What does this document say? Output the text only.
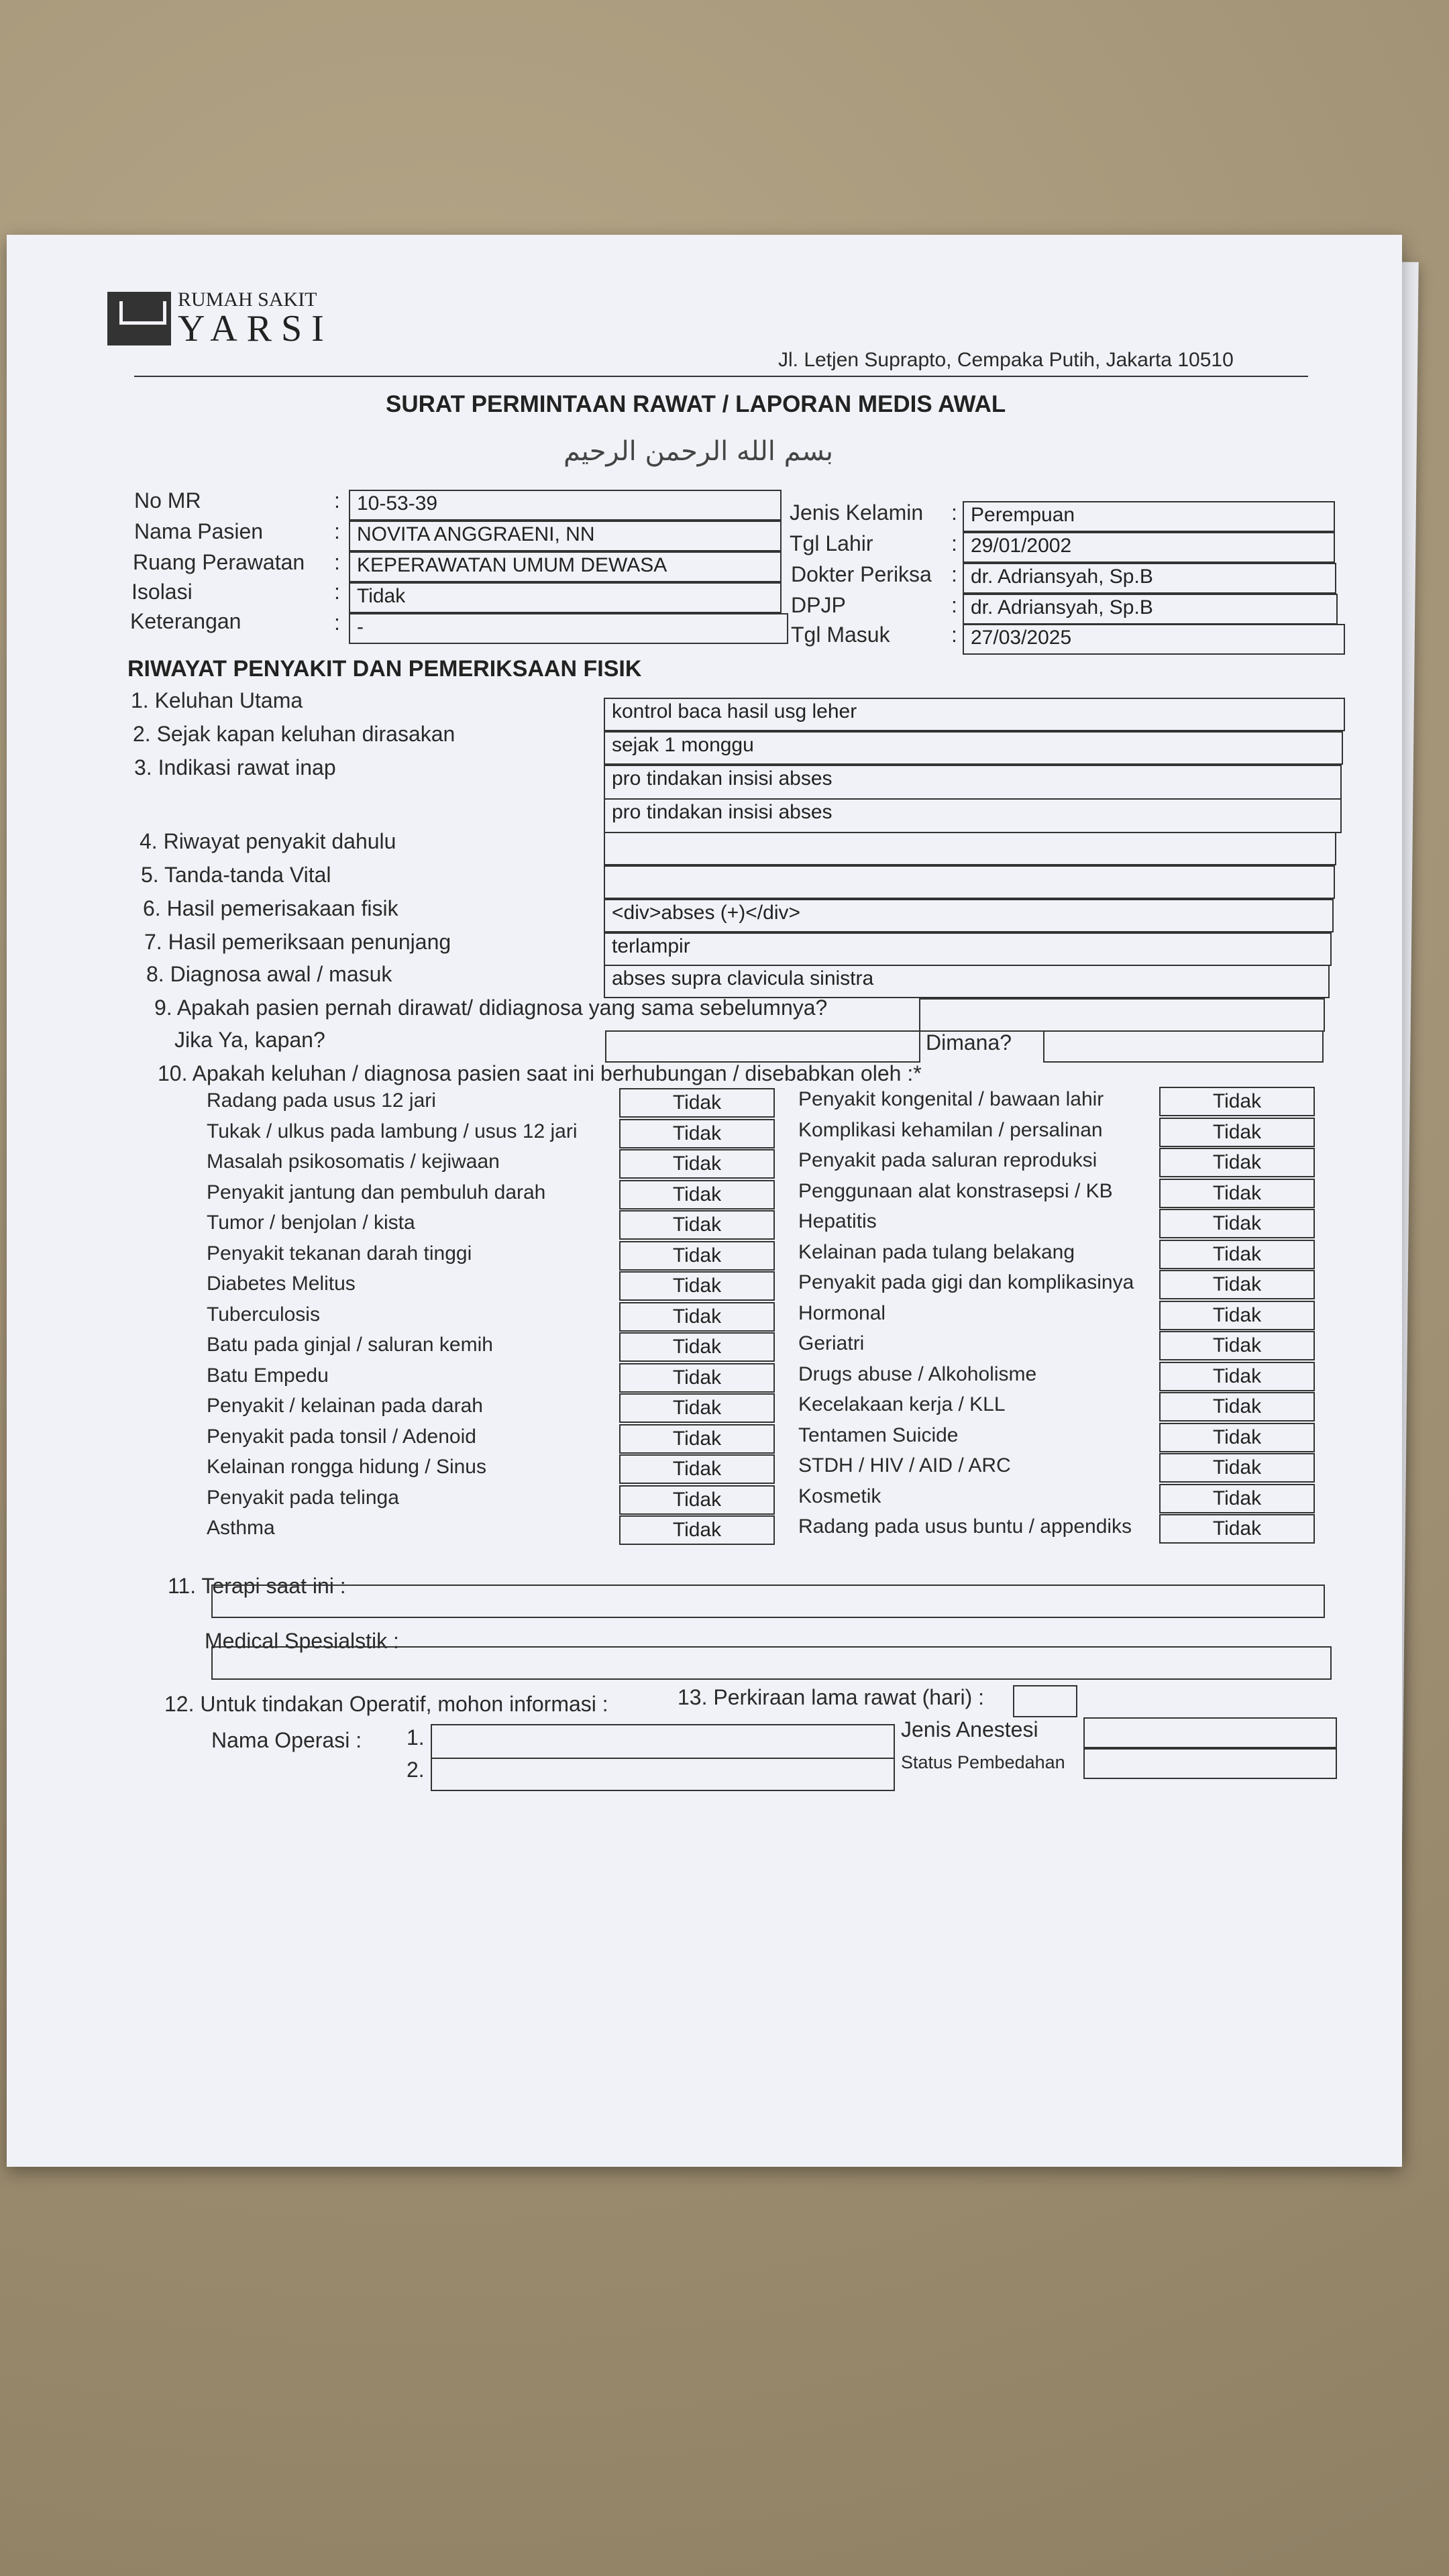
RUMAH SAKIT
YARSI
Jl. Letjen Suprapto, Cempaka Putih, Jakarta 10510
SURAT PERMINTAAN RAWAT / LAPORAN MEDIS AWAL
بسم الله الرحمن الرحيم
No MR	: 10-53-39
Nama Pasien	: NOVITA ANGGRAENI, NN
Ruang Perawatan : KEPERAWATAN UMUM DEWASA
Isolasi	: Tidak
Keterangan	: -
Jenis Kelamin : Perempuan
Tgl Lahir	: 29/01/2002
Dokter Periksa : dr. Adriansyah, Sp.B
DPJP	: dr. Adriansyah, Sp.B
Tgl Masuk	: 27/03/2025
RIWAYAT PENYAKIT DAN PEMERIKSAAN FISIK
1. Keluhan Utama	kontrol baca hasil usg leher
2. Sejak kapan keluhan dirasakan	sejak 1 monggu
3. Indikasi rawat inap	pro tindakan insisi abses
pro tindakan insisi abses
4. Riwayat penyakit dahulu
5. Tanda-tanda Vital
6. Hasil pemerisakaan fisik	<div>abses (+)</div>
7. Hasil pemeriksaan penunjang	terlampir
8. Diagnosa awal / masuk	abses supra clavicula sinistra
9. Apakah pasien pernah dirawat/ didiagnosa yang sama sebelumnya?
Jika Ya, kapan?	Dimana?
10. Apakah keluhan / diagnosa pasien saat ini berhubungan / disebabkan oleh :*
Radang pada usus 12 jari	Tidak
Tukak / ulkus pada lambung / usus 12 jari	Tidak
Masalah psikosomatis / kejiwaan	Tidak
Penyakit jantung dan pembuluh darah	Tidak
Tumor / benjolan / kista	Tidak
Penyakit tekanan darah tinggi	Tidak
Diabetes Melitus	Tidak
Tuberculosis	Tidak
Batu pada ginjal / saluran kemih	Tidak
Batu Empedu	Tidak
Penyakit / kelainan pada darah	Tidak
Penyakit pada tonsil / Adenoid	Tidak
Kelainan rongga hidung / Sinus	Tidak
Penyakit pada telinga	Tidak
Asthma	Tidak
Penyakit kongenital / bawaan lahir	Tidak
Komplikasi kehamilan / persalinan	Tidak
Penyakit pada saluran reproduksi	Tidak
Penggunaan alat konstrasepsi / KB	Tidak
Hepatitis	Tidak
Kelainan pada tulang belakang	Tidak
Penyakit pada gigi dan komplikasinya	Tidak
Hormonal	Tidak
Geriatri	Tidak
Drugs abuse / Alkoholisme	Tidak
Kecelakaan kerja / KLL	Tidak
Tentamen Suicide	Tidak
STDH / HIV / AID / ARC	Tidak
Kosmetik	Tidak
Radang pada usus buntu / appendiks	Tidak
11. Terapi saat ini :
Medical Spesialstik :
12. Untuk tindakan Operatif, mohon informasi :	13. Perkiraan lama rawat (hari) :
Nama Operasi : 1.
2.
Jenis Anestesi
Status Pembedahan
